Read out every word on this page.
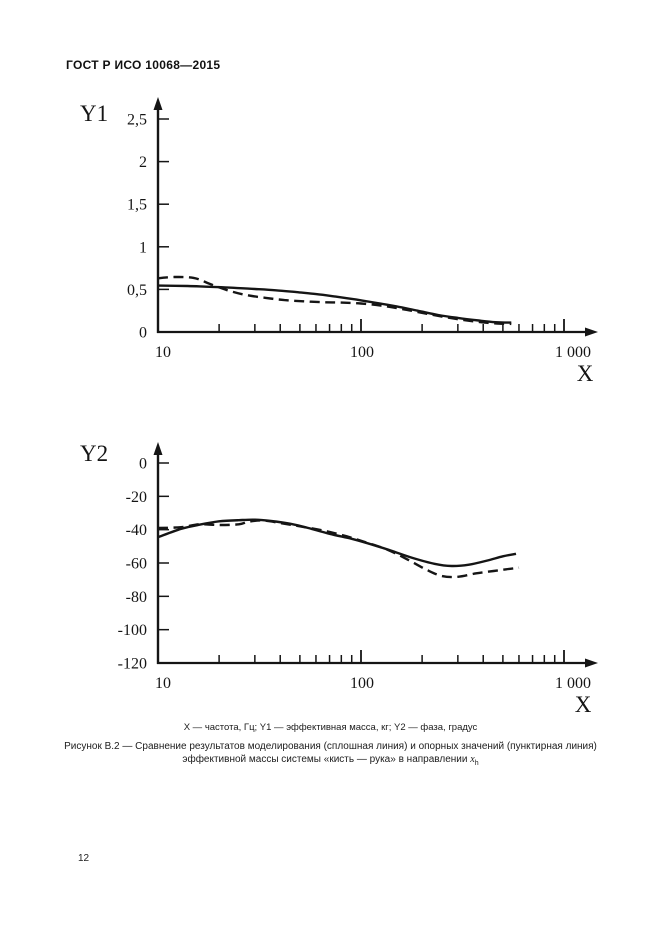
ГОСТ Р ИСО 10068—2015
0
0,5
1
1,5
2
2,5
10	100	1 000
Y1
X
-120
-100
-80
-60
-40
-20
0
10	100	1 000
Y2
X
X — частота, Гц; Y1 — эффективная масса, кг; Y2 — фаза, градус
Рисунок В.2 — Сравнение результатов моделирования (сплошная линия) и опорных значений (пунктирная линия)
эффективной массы системы «кисть — рука» в направлении $x_h$
12
